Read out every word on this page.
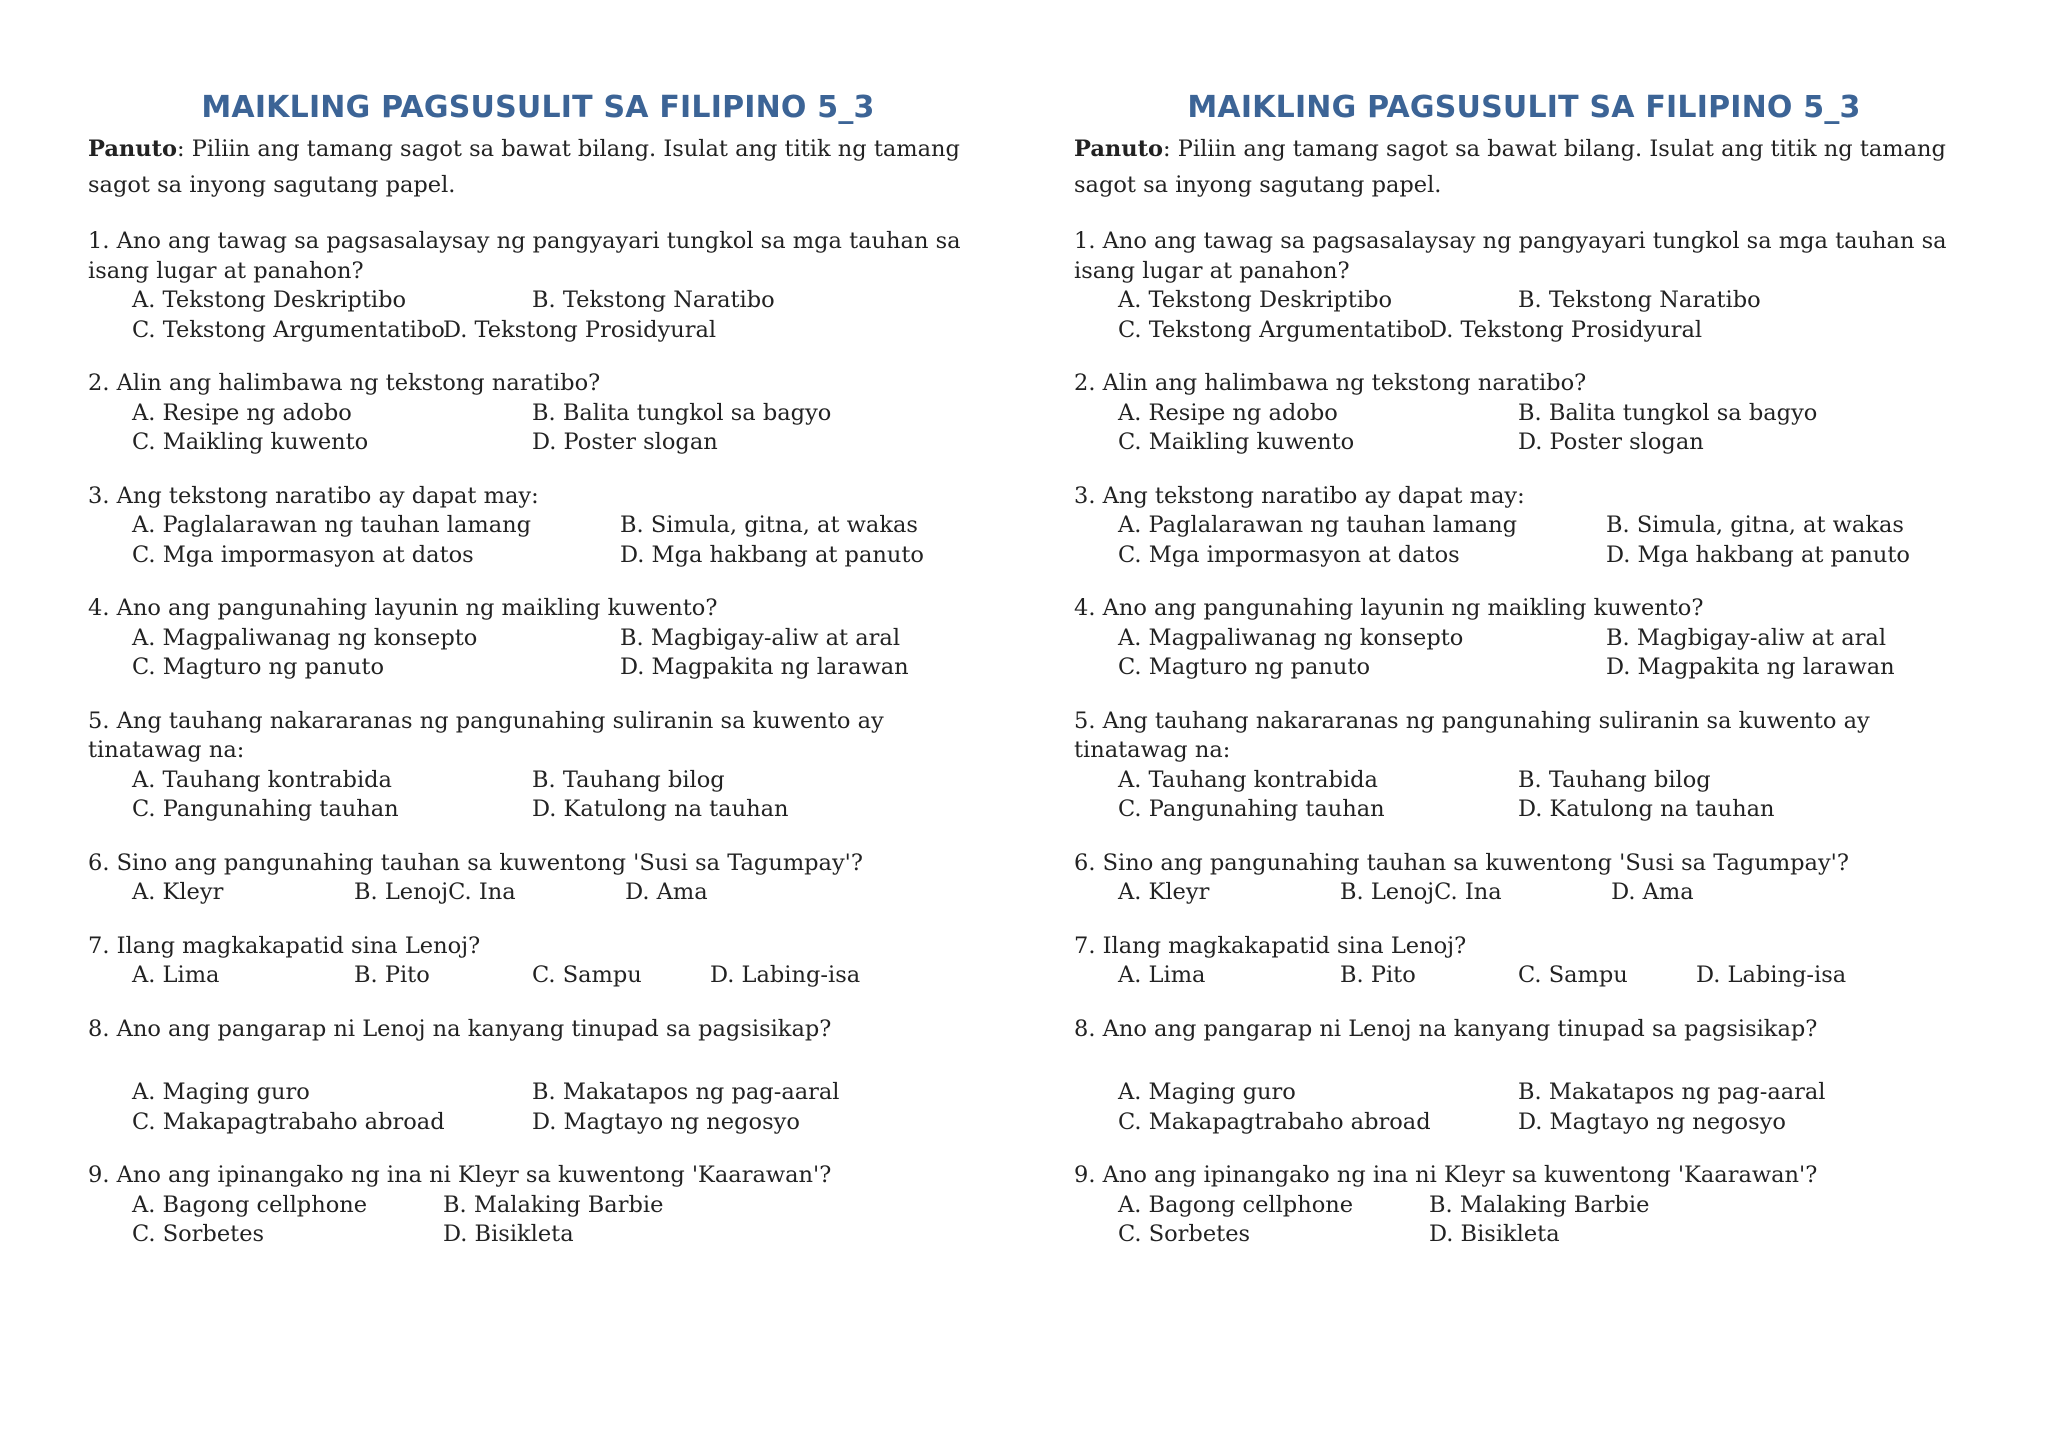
MAIKLING PAGSUSULIT SA FILIPINO 5_3

Panuto: Piliin ang tamang sagot sa bawat bilang. Isulat ang titik ng tamang sagot sa inyong sagutang papel.

1. Ano ang tawag sa pagsasalaysay ng pangyayari tungkol sa mga tauhan sa isang lugar at panahon?
A. Tekstong Deskriptibo	B. Tekstong Naratibo
C. Tekstong Argumentatibo
D. Tekstong Prosidyural
2. Alin ang halimbawa ng tekstong naratibo?
A. Resipe ng adobo	B. Balita tungkol sa bagyo
C. Maikling kuwento	D. Poster slogan
3. Ang tekstong naratibo ay dapat may:
A. Paglalarawan ng tauhan lamang	B. Simula, gitna, at wakas
C. Mga impormasyon at datos	D. Mga hakbang at panuto
4. Ano ang pangunahing layunin ng maikling kuwento?
A. Magpaliwanag ng konsepto	B. Magbigay-aliw at aral
C. Magturo ng panuto	D. Magpakita ng larawan
5. Ang tauhang nakararanas ng pangunahing suliranin sa kuwento ay tinatawag na:
A. Tauhang kontrabida	B. Tauhang bilog
C. Pangunahing tauhan	D. Katulong na tauhan
6. Sino ang pangunahing tauhan sa kuwentong 'Susi sa Tagumpay'?
A. Kleyr	B. Lenoj C. Ina	D. Ama
7. Ilang magkakapatid sina Lenoj?
A. Lima	B. Pito	C. Sampu	D. Labing-isa
8. Ano ang pangarap ni Lenoj na kanyang tinupad sa pagsisikap?
A. Maging guro	B. Makatapos ng pag-aaral
C. Makapagtrabaho abroad	D. Magtayo ng negosyo
9. Ano ang ipinangako ng ina ni Kleyr sa kuwentong 'Kaarawan'?
A. Bagong cellphone	B. Malaking Barbie
C. Sorbetes	D. Bisikleta
MAIKLING PAGSUSULIT SA FILIPINO 5_3

Panuto: Piliin ang tamang sagot sa bawat bilang. Isulat ang titik ng tamang sagot sa inyong sagutang papel.

1. Ano ang tawag sa pagsasalaysay ng pangyayari tungkol sa mga tauhan sa isang lugar at panahon?
A. Tekstong Deskriptibo	B. Tekstong Naratibo
C. Tekstong Argumentatibo
D. Tekstong Prosidyural
2. Alin ang halimbawa ng tekstong naratibo?
A. Resipe ng adobo	B. Balita tungkol sa bagyo
C. Maikling kuwento	D. Poster slogan
3. Ang tekstong naratibo ay dapat may:
A. Paglalarawan ng tauhan lamang	B. Simula, gitna, at wakas
C. Mga impormasyon at datos	D. Mga hakbang at panuto
4. Ano ang pangunahing layunin ng maikling kuwento?
A. Magpaliwanag ng konsepto	B. Magbigay-aliw at aral
C. Magturo ng panuto	D. Magpakita ng larawan
5. Ang tauhang nakararanas ng pangunahing suliranin sa kuwento ay tinatawag na:
A. Tauhang kontrabida	B. Tauhang bilog
C. Pangunahing tauhan	D. Katulong na tauhan
6. Sino ang pangunahing tauhan sa kuwentong 'Susi sa Tagumpay'?
A. Kleyr	B. Lenoj C. Ina	D. Ama
7. Ilang magkakapatid sina Lenoj?
A. Lima	B. Pito	C. Sampu	D. Labing-isa
8. Ano ang pangarap ni Lenoj na kanyang tinupad sa pagsisikap?
A. Maging guro	B. Makatapos ng pag-aaral
C. Makapagtrabaho abroad	D. Magtayo ng negosyo
9. Ano ang ipinangako ng ina ni Kleyr sa kuwentong 'Kaarawan'?
A. Bagong cellphone	B. Malaking Barbie
C. Sorbetes	D. Bisikleta
